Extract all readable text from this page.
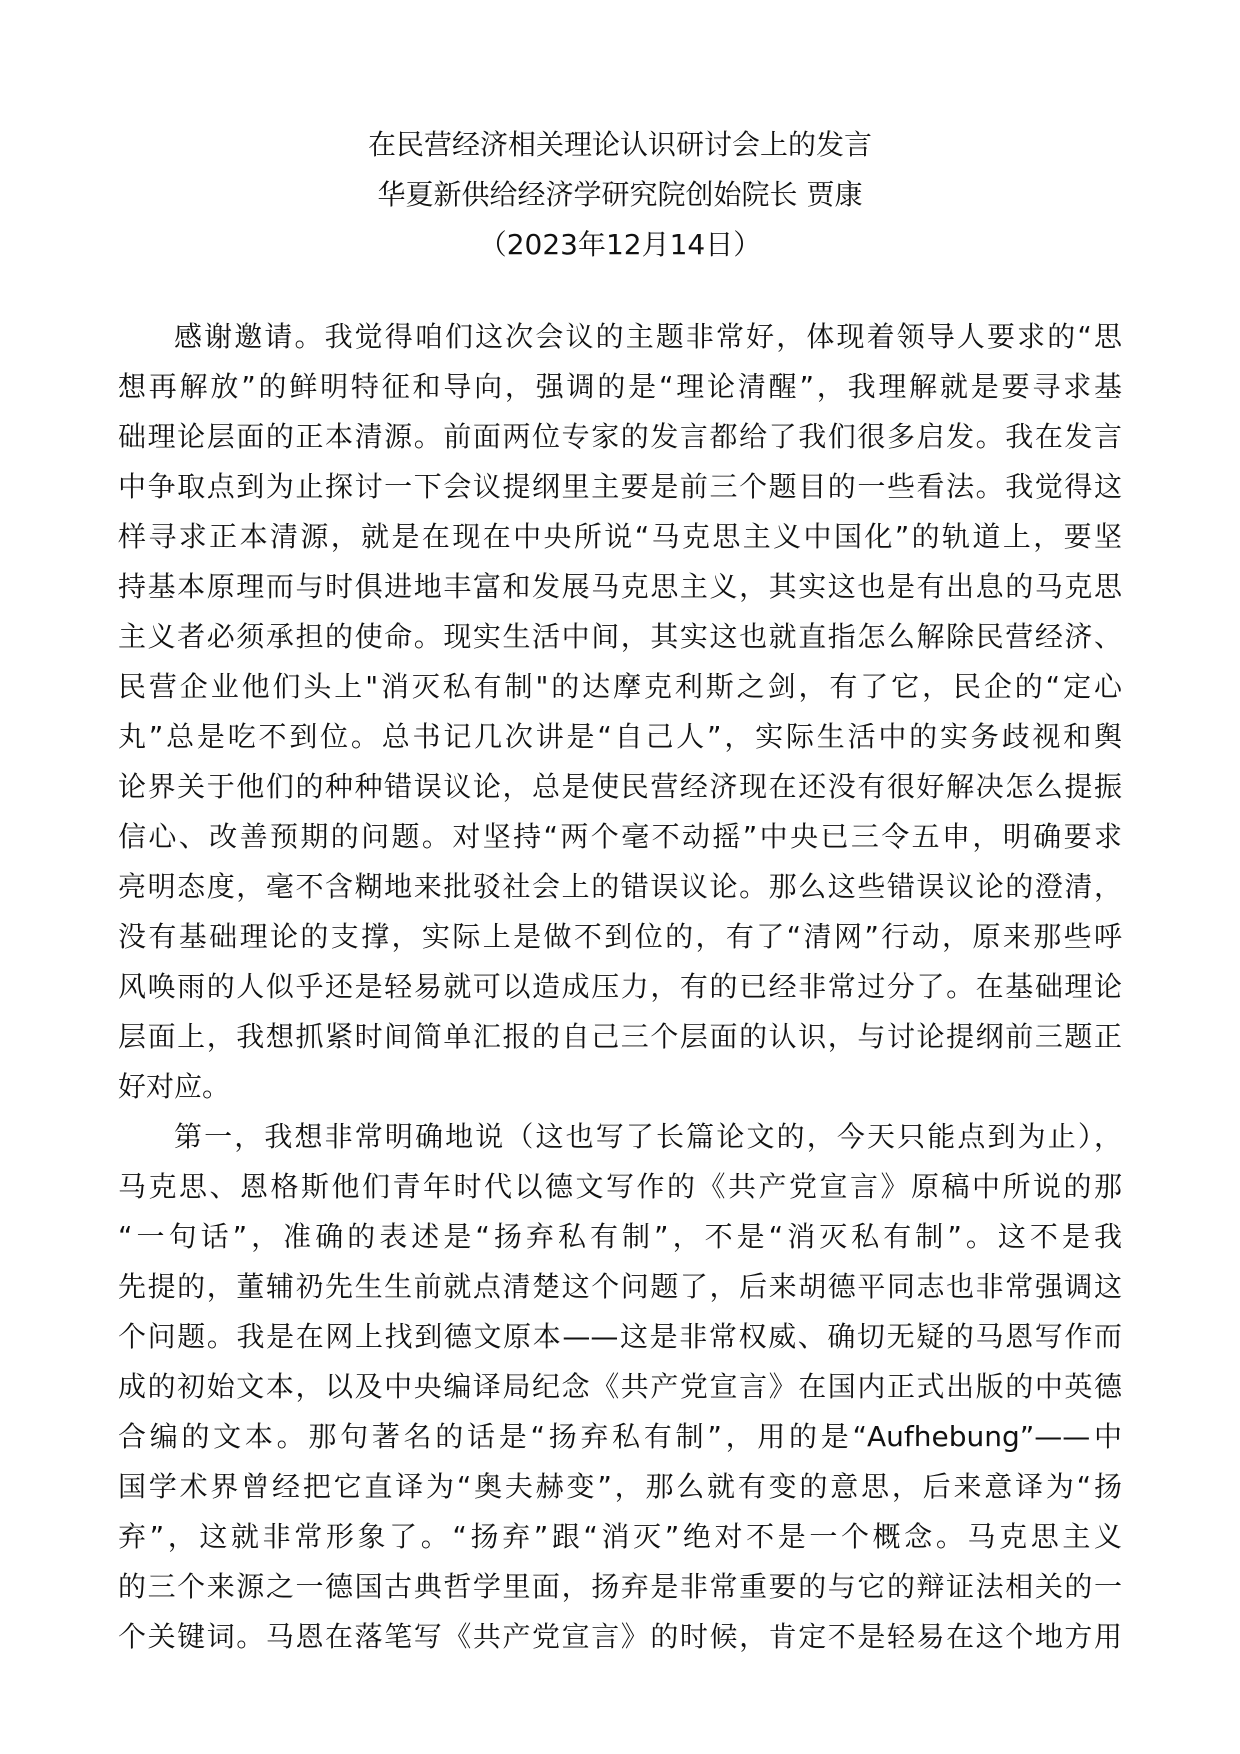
在民营经济相关理论认识研讨会上的发言
华夏新供给经济学研究院创始院长 贾康
（2023年12月14日）
感谢邀请。我觉得咱们这次会议的主题非常好，体现着领导人要求的“思
想再解放”的鲜明特征和导向，强调的是“理论清醒”，我理解就是要寻求基
础理论层面的正本清源。前面两位专家的发言都给了我们很多启发。我在发言
中争取点到为止探讨一下会议提纲里主要是前三个题目的一些看法。我觉得这
样寻求正本清源，就是在现在中央所说“马克思主义中国化”的轨道上，要坚
持基本原理而与时俱进地丰富和发展马克思主义，其实这也是有出息的马克思
主义者必须承担的使命。现实生活中间，其实这也就直指怎么解除民营经济、
民营企业他们头上"消灭私有制"的达摩克利斯之剑，有了它，民企的“定心
丸”总是吃不到位。总书记几次讲是“自己人”，实际生活中的实务歧视和舆
论界关于他们的种种错误议论，总是使民营经济现在还没有很好解决怎么提振
信心、改善预期的问题。对坚持“两个毫不动摇”中央已三令五申，明确要求
亮明态度，毫不含糊地来批驳社会上的错误议论。那么这些错误议论的澄清，
没有基础理论的支撑，实际上是做不到位的，有了“清网”行动，原来那些呼
风唤雨的人似乎还是轻易就可以造成压力，有的已经非常过分了。在基础理论
层面上，我想抓紧时间简单汇报的自己三个层面的认识，与讨论提纲前三题正
好对应。
第一，我想非常明确地说（这也写了长篇论文的，今天只能点到为止），
马克思、恩格斯他们青年时代以德文写作的《共产党宣言》原稿中所说的那
“一句话”，准确的表述是“扬弃私有制”，不是“消灭私有制”。这不是我
先提的，董辅礽先生生前就点清楚这个问题了，后来胡德平同志也非常强调这
个问题。我是在网上找到德文原本——这是非常权威、确切无疑的马恩写作而
成的初始文本，以及中央编译局纪念《共产党宣言》在国内正式出版的中英德
合编的文本。那句著名的话是“扬弃私有制”，用的是“Aufhebung”——中
国学术界曾经把它直译为“奥夫赫变”，那么就有变的意思，后来意译为“扬
弃”，这就非常形象了。“扬弃”跟“消灭”绝对不是一个概念。马克思主义
的三个来源之一德国古典哲学里面，扬弃是非常重要的与它的辩证法相关的一
个关键词。马恩在落笔写《共产党宣言》的时候，肯定不是轻易在这个地方用
